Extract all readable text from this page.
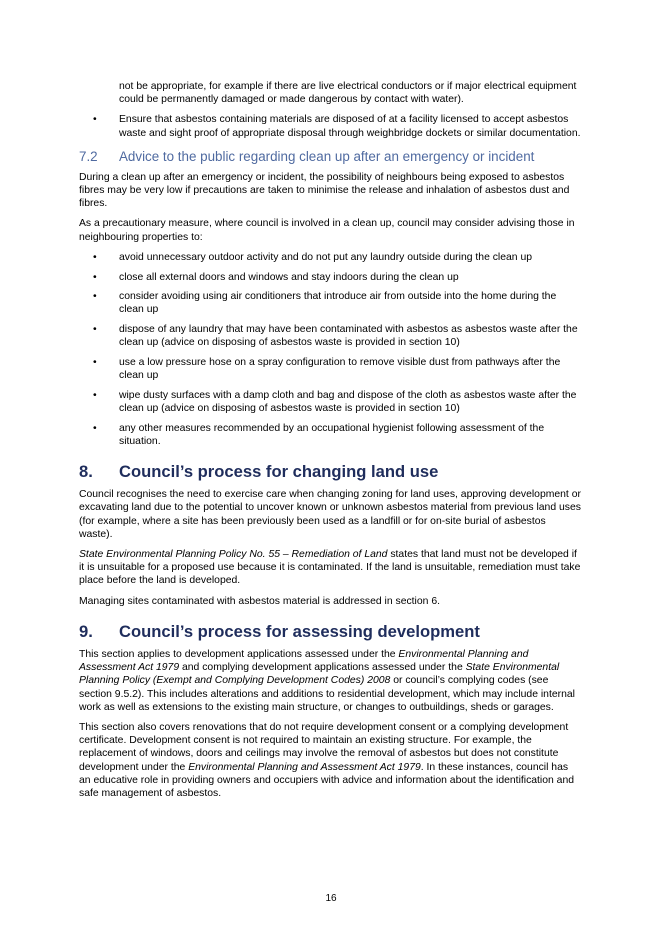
not be appropriate, for example if there are live electrical conductors or if major electrical equipment could be permanently damaged or made dangerous by contact with water).

• Ensure that asbestos containing materials are disposed of at a facility licensed to accept asbestos waste and sight proof of appropriate disposal through weighbridge dockets or similar documentation.

7.2	Advice to the public regarding clean up after an emergency or incident

During a clean up after an emergency or incident, the possibility of neighbours being exposed to asbestos fibres may be very low if precautions are taken to minimise the release and inhalation of asbestos dust and fibres.

As a precautionary measure, where council is involved in a clean up, council may consider advising those in neighbouring properties to:

• avoid unnecessary outdoor activity and do not put any laundry outside during the clean up

• close all external doors and windows and stay indoors during the clean up

• consider avoiding using air conditioners that introduce air from outside into the home during the clean up

• dispose of any laundry that may have been contaminated with asbestos as asbestos waste after the clean up (advice on disposing of asbestos waste is provided in section 10)

• use a low pressure hose on a spray configuration to remove visible dust from pathways after the clean up

• wipe dusty surfaces with a damp cloth and bag and dispose of the cloth as asbestos waste after the clean up (advice on disposing of asbestos waste is provided in section 10)

• any other measures recommended by an occupational hygienist following assessment of the situation.

8.	Council’s process for changing land use

Council recognises the need to exercise care when changing zoning for land uses, approving development or excavating land due to the potential to uncover known or unknown asbestos material from previous land uses (for example, where a site has been previously been used as a landfill or for on-site burial of asbestos waste).

State Environmental Planning Policy No. 55 – Remediation of Land states that land must not be developed if it is unsuitable for a proposed use because it is contaminated. If the land is unsuitable, remediation must take place before the land is developed.

Managing sites contaminated with asbestos material is addressed in section 6.

9.	Council’s process for assessing development

This section applies to development applications assessed under the Environmental Planning and Assessment Act 1979 and complying development applications assessed under the State Environmental Planning Policy (Exempt and Complying Development Codes) 2008 or council’s complying codes (see section 9.5.2). This includes alterations and additions to residential development, which may include internal work as well as extensions to the existing main structure, or changes to outbuildings, sheds or garages.

This section also covers renovations that do not require development consent or a complying development certificate. Development consent is not required to maintain an existing structure. For example, the replacement of windows, doors and ceilings may involve the removal of asbestos but does not constitute development under the Environmental Planning and Assessment Act 1979. In these instances, council has an educative role in providing owners and occupiers with advice and information about the identification and safe management of asbestos.

16
